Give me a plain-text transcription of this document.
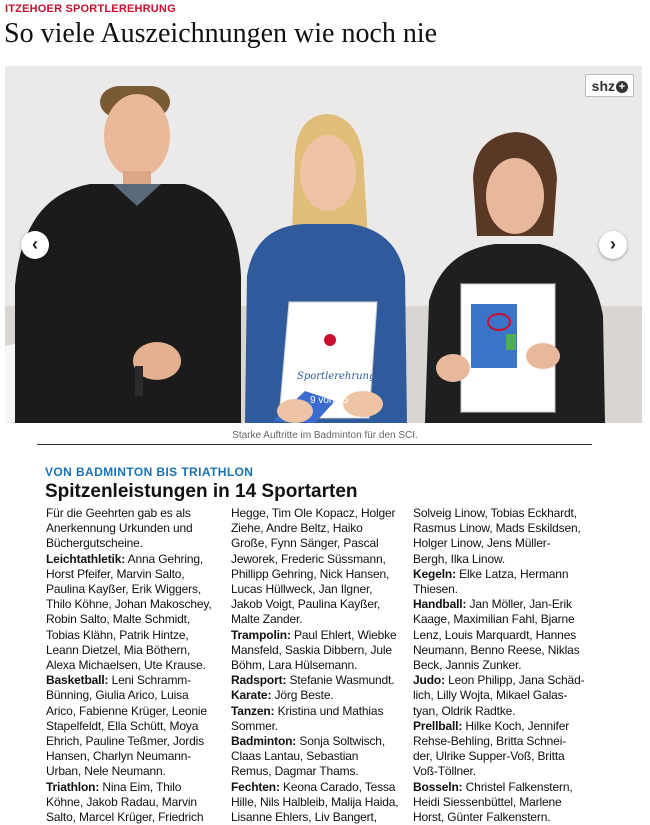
ITZEHOER SPORTLEREHRUNG
So viele Auszeichnungen wie noch nie
Sportlerehrung
shz +
‹	›
9 von 15
Starke Auftritte im Badminton für den SCI.
VON BADMINTON BIS TRIATHLON
Spitzenleistungen in 14 Sportarten

Für die Geehrten gab es als

Anerkennung Urkunden und

Büchergutscheine.

Leichtathletik: Anna Gehring,

Horst Pfeifer, Marvin Salto,

Paulina Kayßer, Erik Wiggers,

Thilo Köhne, Johan Makoschey,

Robin Salto, Malte Schmidt,

Tobias Klähn, Patrik Hintze,

Leann Dietzel, Mia Böthern,

Alexa Michaelsen, Ute Krause.

Basketball: Leni Schramm-

Bünning, Giulia Arico, Luisa

Arico, Fabienne Krüger, Leonie

Stapelfeldt, Ella Schütt, Moya

Ehrich, Pauline Teßmer, Jordis

Hansen, Charlyn Neumann-

Urban, Nele Neumann.

Triathlon: Nina Eim, Thilo

Köhne, Jakob Radau, Marvin

Salto, Marcel Krüger, Friedrich

Hegge, Tim Ole Kopacz, Holger

Ziehe, Andre Beltz, Haiko

Große, Fynn Sänger, Pascal

Jeworek, Frederic Süssmann,

Phillipp Gehring, Nick Hansen,

Lucas Hüllweck, Jan Ilgner,

Jakob Voigt, Paulina Kayßer,

Malte Zander.

Trampolin: Paul Ehlert, Wiebke

Mansfeld, Saskia Dibbern, Jule

Böhm, Lara Hülsemann.

Radsport: Stefanie Wasmundt.

Karate: Jörg Beste.

Tanzen: Kristina und Mathias

Sommer.

Badminton: Sonja Soltwisch,

Claas Lantau, Sebastian

Remus, Dagmar Thams.

Fechten: Keona Carado, Tessa

Hille, Nils Halbleib, Malija Haida,

Lisanne Ehlers, Liv Bangert,

Solveig Linow, Tobias Eckhardt,

Rasmus Linow, Mads Eskildsen,

Holger Linow, Jens Müller-

Bergh, Ilka Linow.

Kegeln: Elke Latza, Hermann

Thiesen.

Handball: Jan Möller, Jan-Erik

Kaage, Maximilian Fahl, Bjarne

Lenz, Louis Marquardt, Hannes

Neumann, Benno Reese, Niklas

Beck, Jannis Zunker.

Judo: Leon Philipp, Jana Schäd-

lich, Lilly Wojta, Mikael Galas-

tyan, Oldrik Radtke.

Prellball: Hilke Koch, Jennifer

Rehse-Behling, Britta Schnei-

der, Ulrike Supper-Voß, Britta

Voß-Töllner.

Bosseln: Christel Falkenstern,

Heidi Siessenbüttel, Marlene

Horst, Günter Falkenstern.
